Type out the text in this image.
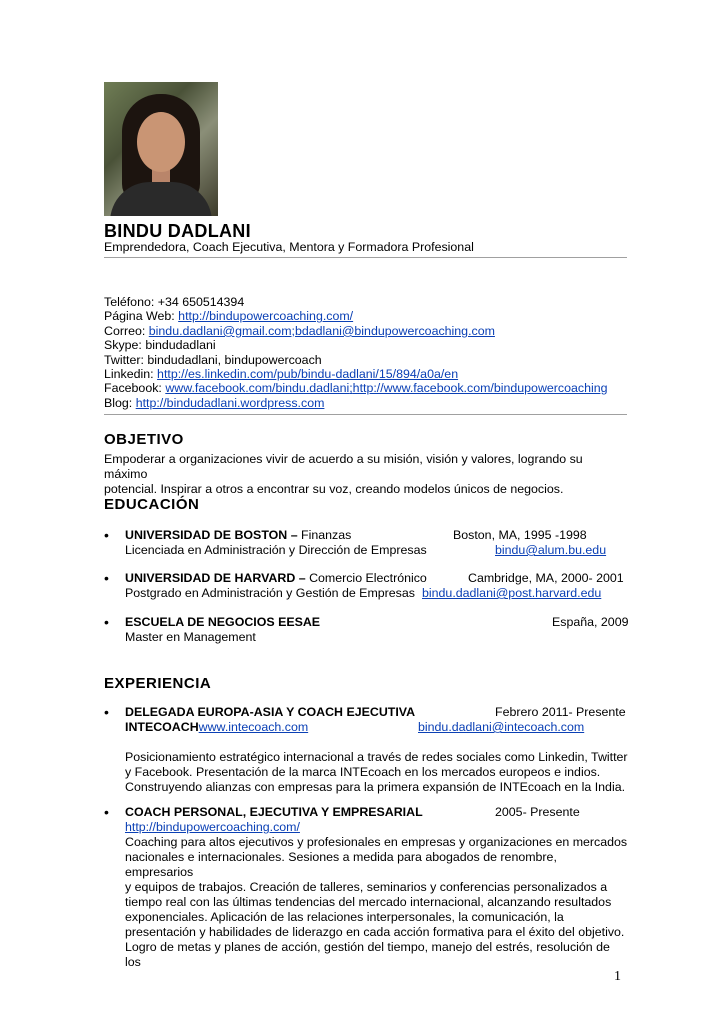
BINDU DADLANI
Emprendedora, Coach Ejecutiva, Mentora y Formadora Profesional
Teléfono: +34 650514394
Página Web: http://bindupowercoaching.com/
Correo: bindu.dadlani@gmail.com;bdadlani@bindupowercoaching.com
Skype: bindudadlani
Twitter: bindudadlani, bindupowercoach
Linkedin: http://es.linkedin.com/pub/bindu-dadlani/15/894/a0a/en
Facebook: www.facebook.com/bindu.dadlani;http://www.facebook.com/bindupowercoaching
Blog: http://bindudadlani.wordpress.com
OBJETIVO
Empoderar a organizaciones vivir de acuerdo a su misión, visión y valores, logrando su máximo
potencial. Inspirar a otros a encontrar su voz, creando modelos únicos de negocios.
EDUCACIÓN
• UNIVERSIDAD DE BOSTON – Finanzas	Boston, MA, 1995 -1998
Licenciada en Administración y Dirección de Empresas	bindu@alum.bu.edu
• UNIVERSIDAD DE HARVARD – Comercio Electrónico	Cambridge, MA, 2000- 2001
Postgrado en Administración y Gestión de Empresas bindu.dadlani@post.harvard.edu
• ESCUELA DE NEGOCIOS EESAE	España, 2009
Master en Management
EXPERIENCIA
• DELEGADA EUROPA-ASIA Y COACH EJECUTIVA	Febrero 2011- Presente
INTECOACHwww.intecoach.com	bindu.dadlani@intecoach.com
Posicionamiento estratégico internacional a través de redes sociales como Linkedin, Twitter
y Facebook. Presentación de la marca INTEcoach en los mercados europeos e indios.
Construyendo alianzas con empresas para la primera expansión de INTEcoach en la India.
• COACH PERSONAL, EJECUTIVA Y EMPRESARIAL	2005- Presente
http://bindupowercoaching.com/
Coaching para altos ejecutivos y profesionales en empresas y organizaciones en mercados
nacionales e internacionales. Sesiones a medida para abogados de renombre, empresarios
y equipos de trabajos. Creación de talleres, seminarios y conferencias personalizados a
tiempo real con las últimas tendencias del mercado internacional, alcanzando resultados
exponenciales. Aplicación de las relaciones interpersonales, la comunicación, la
presentación y habilidades de liderazgo en cada acción formativa para el éxito del objetivo.
Logro de metas y planes de acción, gestión del tiempo, manejo del estrés, resolución de los
1
